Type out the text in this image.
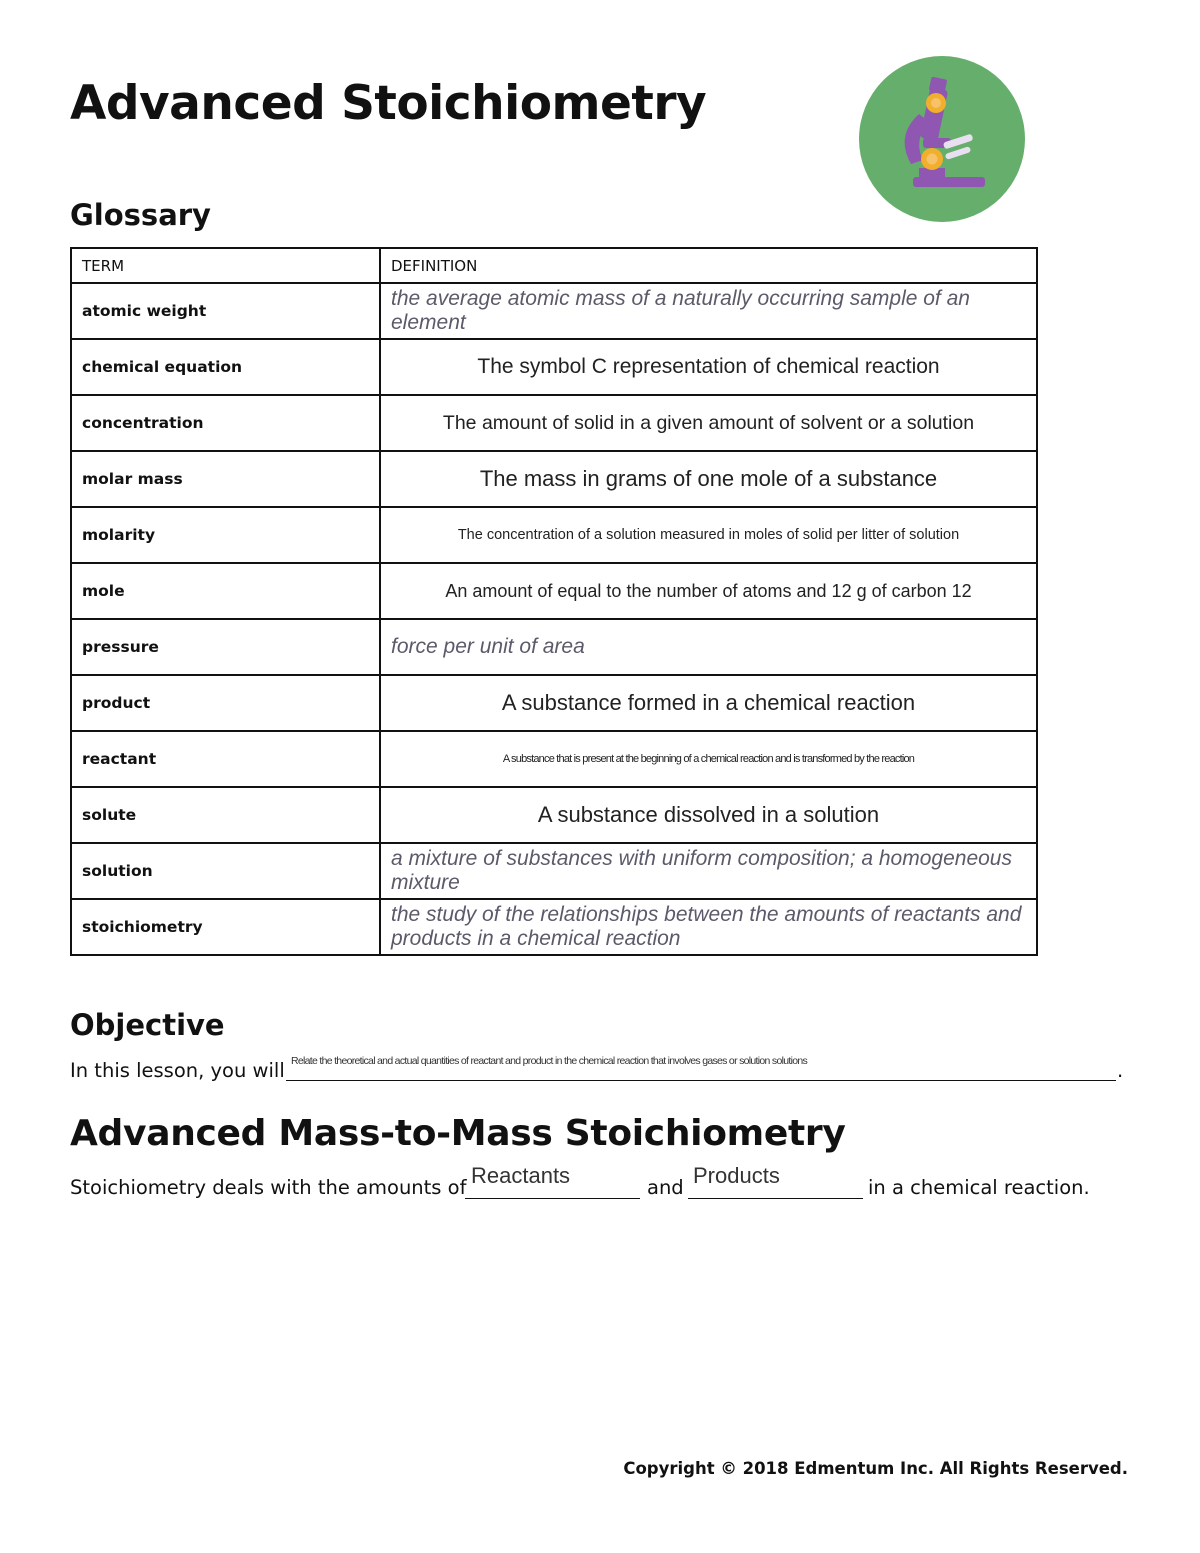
Advanced Stoichiometry
Glossary
TERM	DEFINITION
atomic weight	the average atomic mass of a naturally occurring sample of an element
chemical equation	The symbol C representation of chemical reaction
concentration	The amount of solid in a given amount of solvent or a solution
molar mass	The mass in grams of one mole of a substance
molarity	The concentration of a solution measured in moles of solid per litter of solution
mole	An amount of equal to the number of atoms and 12 g of carbon 12
pressure	force per unit of area
product	A substance formed in a chemical reaction
reactant	A substance that is present at the beginning of a chemical reaction and is transformed by the reaction
solute	A substance dissolved in a solution
solution	a mixture of substances with uniform composition; a homogeneous mixture
stoichiometry	the study of the relationships between the amounts of reactants and products in a chemical reaction
Objective
In this lesson, you will Relate the theoretical and actual quantities of reactant and product in the chemical reaction that involves gases or solution solutions	.
Advanced Mass-to-Mass Stoichiometry
Stoichiometry deals with the amounts of Reactants	and Products	in a chemical reaction.
Copyright © 2018 Edmentum Inc. All Rights Reserved.
